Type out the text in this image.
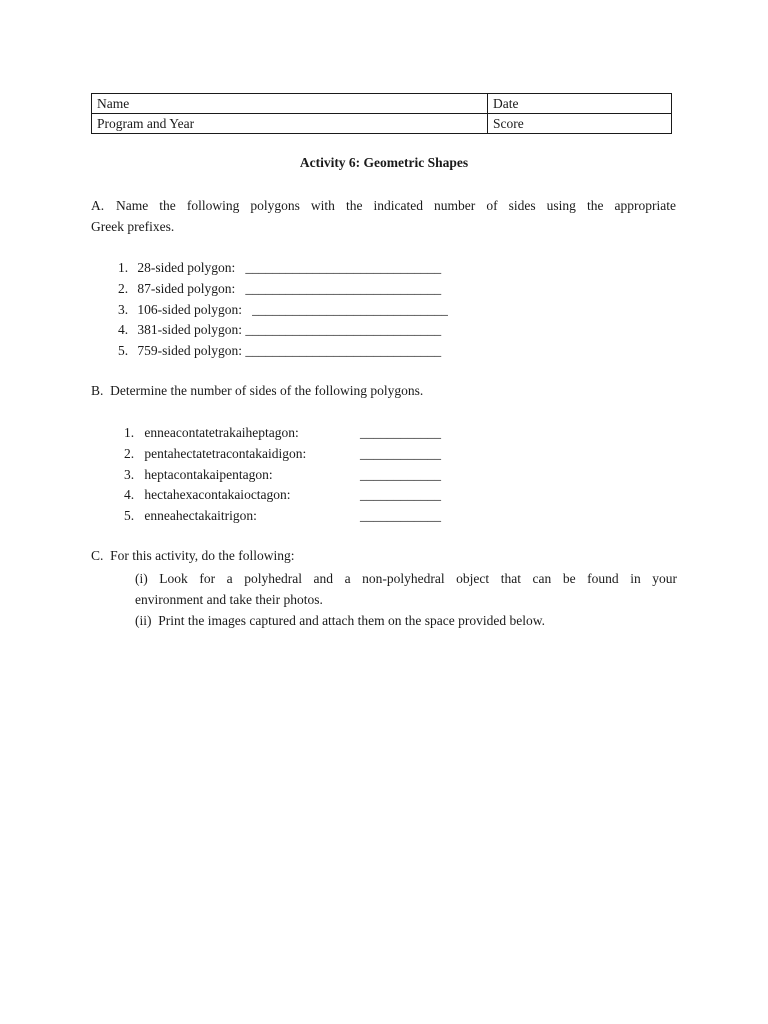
Name	Date
Program and Year	Score
Activity 6: Geometric Shapes
A. Name the following polygons with the indicated number of sides using the appropriate
Greek prefixes.
1. 28-sided polygon: _____________________________
2. 87-sided polygon: _____________________________
3. 106-sided polygon: _____________________________
4. 381-sided polygon: _____________________________
5. 759-sided polygon: _____________________________
B. Determine the number of sides of the following polygons.
1. enneacontatetrakaiheptagon:	____________
2. pentahectatetracontakaidigon:	____________
3. heptacontakaipentagon:	____________
4. hectahexacontakaioctagon:	____________
5. enneahectakaitrigon:	____________
C. For this activity, do the following:
(i) Look for a polyhedral and a non-polyhedral object that can be found in your
environment and take their photos.
(ii)  Print the images captured and attach them on the space provided below.
